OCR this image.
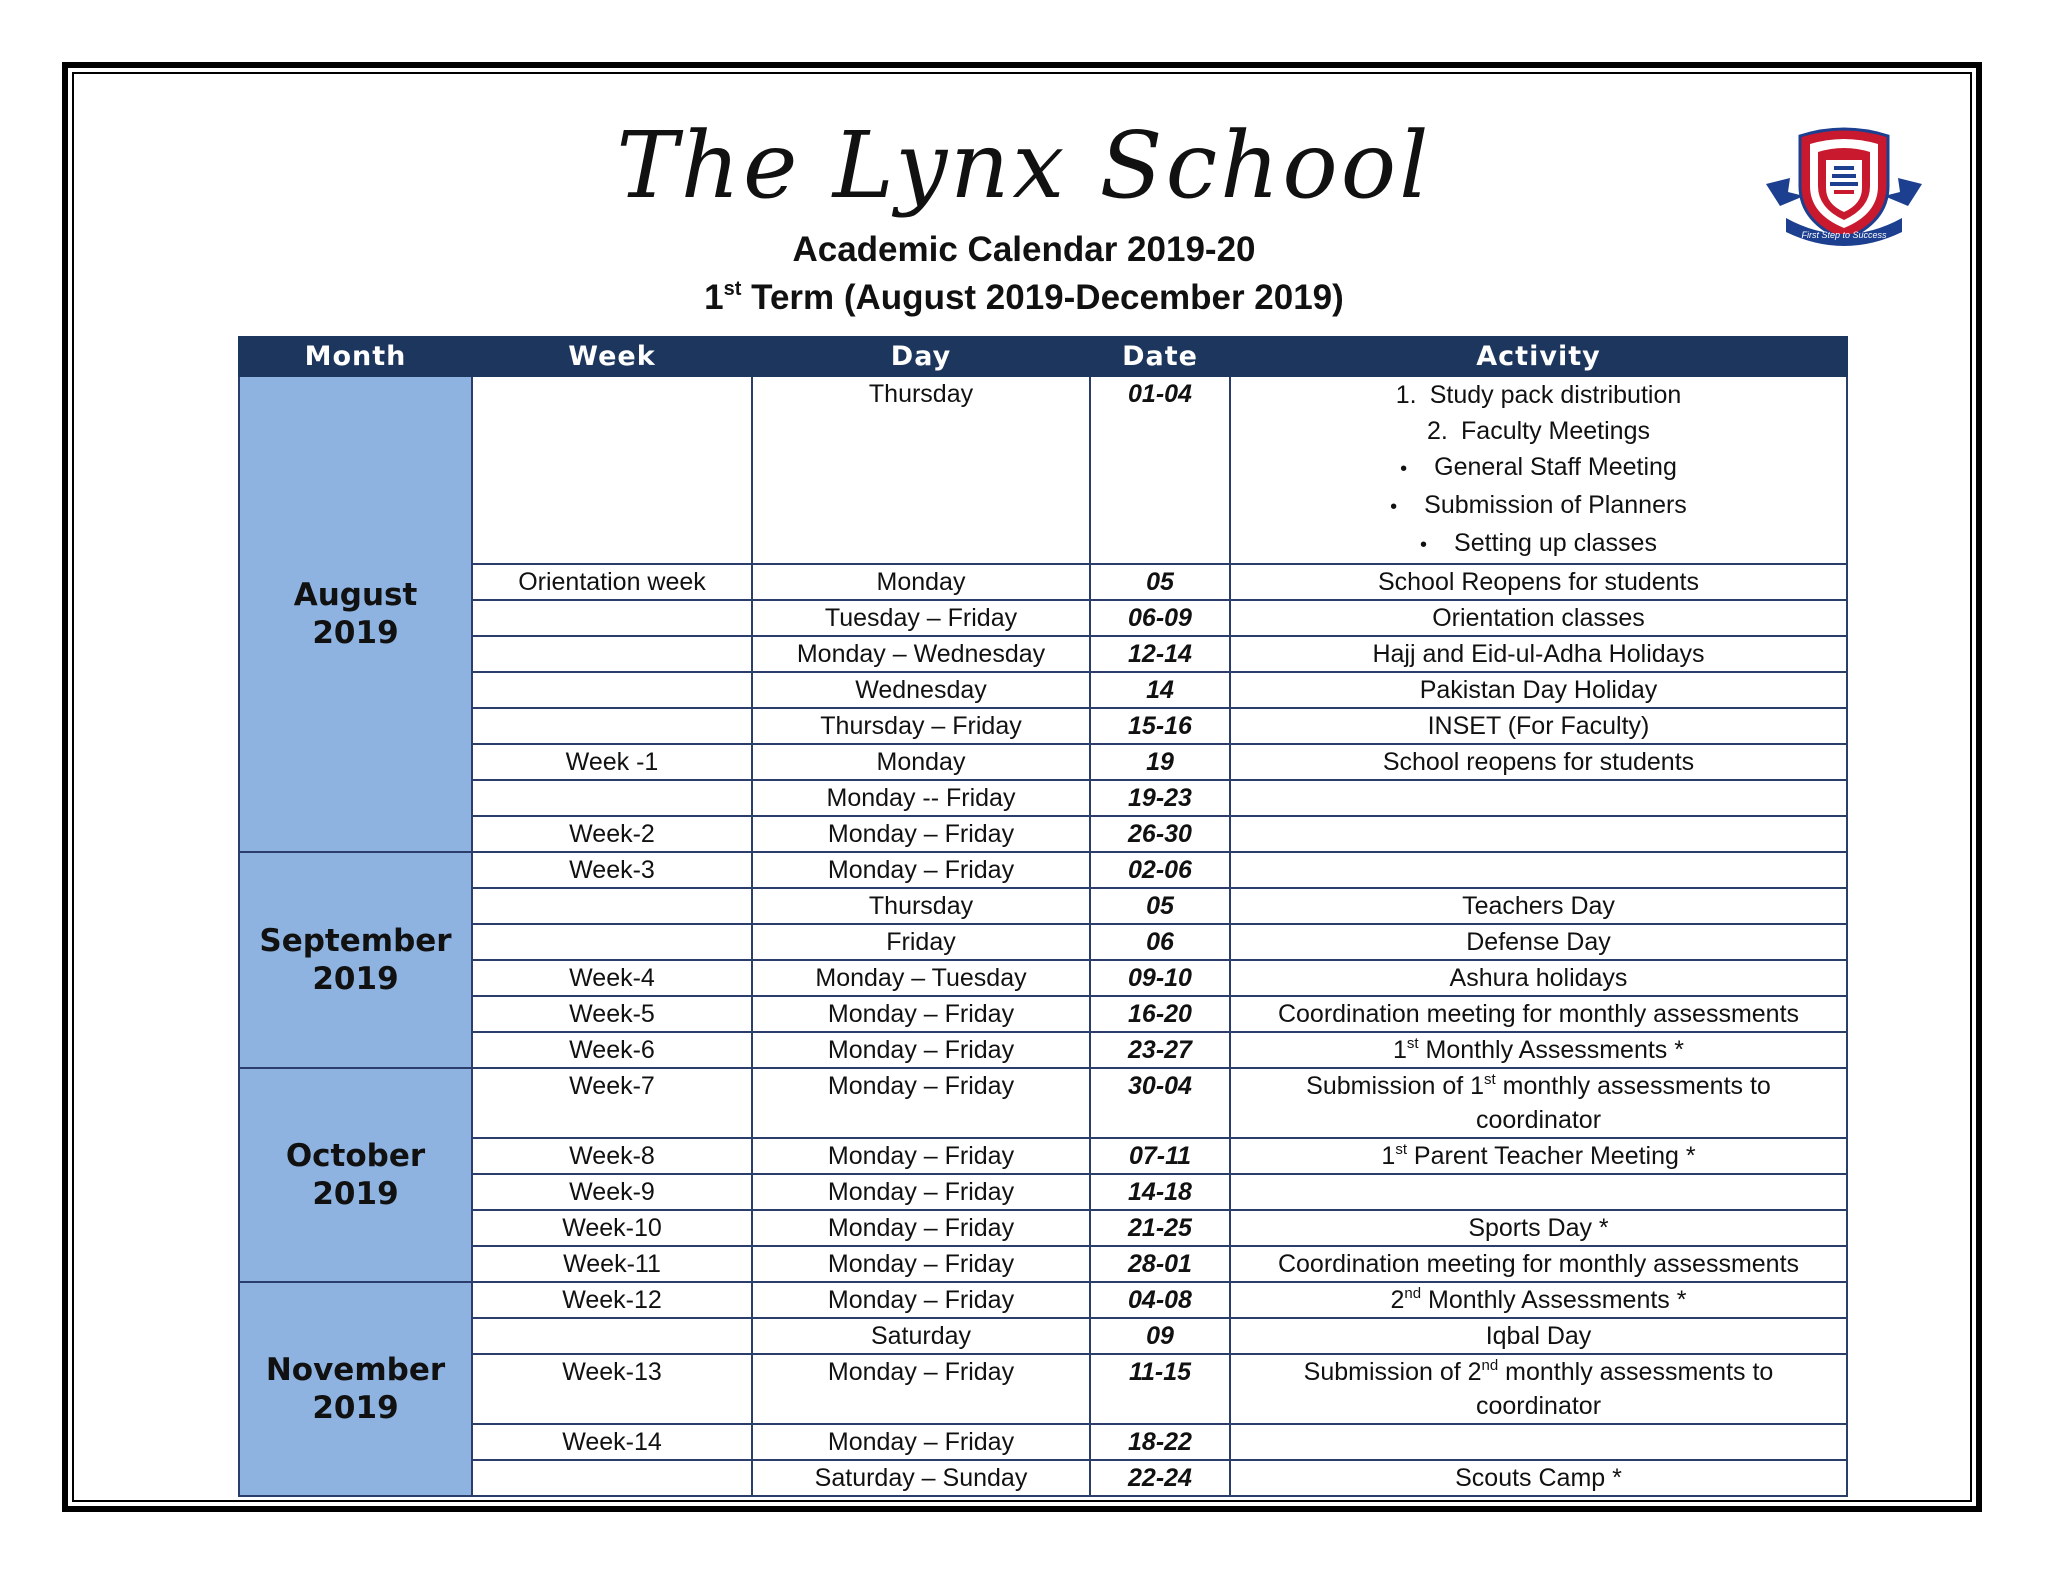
The Lynx School
First Step to Success
Academic Calendar 2019-20
1st Term (August 2019-December 2019)
Month	Week	Day	Date	Activity
August
2019		Thursday	01-04	1. Study pack distribution
2. Faculty Meetings
• General Staff Meeting
• Submission of Planners
• Setting up classes

	Orientation week	Monday	05	School Reopens for students
		Tuesday – Friday	06-09	Orientation classes
		Monday – Wednesday	12-14	Hajj and Eid-ul-Adha Holidays
		Wednesday	14	Pakistan Day Holiday
		Thursday – Friday	15-16	INSET (For Faculty)
	Week -1	Monday	19	School reopens for students
		Monday -- Friday	19-23	
	Week-2	Monday – Friday	26-30	
September
2019	Week-3	Monday – Friday	02-06	
		Thursday	05	Teachers Day
		Friday	06	Defense Day
	Week-4	Monday – Tuesday	09-10	Ashura holidays
	Week-5	Monday – Friday	16-20	Coordination meeting for monthly assessments
	Week-6	Monday – Friday	23-27	1st Monthly Assessments *
October
2019	Week-7	Monday – Friday	30-04	Submission of 1st monthly assessments to
coordinator

	Week-8	Monday – Friday	07-11	1st Parent Teacher Meeting *
	Week-9	Monday – Friday	14-18	
	Week-10	Monday – Friday	21-25	Sports Day *
	Week-11	Monday – Friday	28-01	Coordination meeting for monthly assessments
November
2019	Week-12	Monday – Friday	04-08	2nd Monthly Assessments *
		Saturday	09	Iqbal Day
	Week-13	Monday – Friday	11-15	Submission of 2nd monthly assessments to
coordinator

	Week-14	Monday – Friday	18-22	
		Saturday – Sunday	22-24	Scouts Camp *
